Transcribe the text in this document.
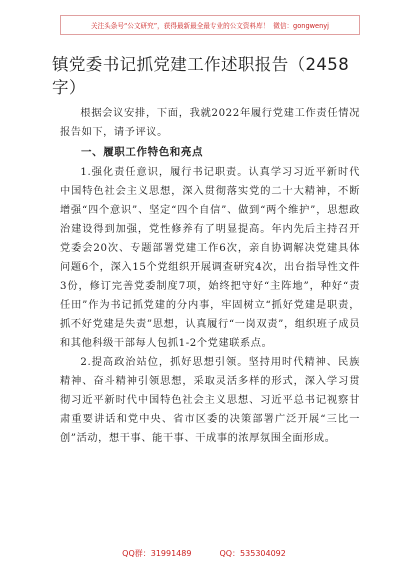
关注头条号“公文研究”，获得最新最全最专业的公文资料库！ 微信：gongwenyj
镇党委书记抓党建工作述职报告（2458字）

根据会议安排，下面，我就2022年履行党建工作责任情况报告如下，请予评议。

一、履职工作特色和亮点

1.强化责任意识，履行书记职责。认真学习习近平新时代中国特色社会主义思想，深入贯彻落实党的二十大精神，不断增强“四个意识”、坚定“四个自信”、做到“两个维护”，思想政治建设得到加强，党性修养有了明显提高。年内先后主持召开党委会20次、专题部署党建工作6次，亲自协调解决党建具体问题6个，深入15个党组织开展调查研究4次，出台指导性文件3份，修订完善党委制度7项，始终把守好“主阵地”，种好“责任田”作为书记抓党建的分内事，牢固树立“抓好党建是职责，抓不好党建是失责”思想，认真履行“一岗双责”，组织班子成员和其他科级干部每人包抓1-2个党建联系点。

2.提高政治站位，抓好思想引领。坚持用时代精神、民族精神、奋斗精神引领思想，采取灵活多样的形式，深入学习贯彻习近平新时代中国特色社会主义思想、习近平总书记视察甘肃重要讲话和党中央、省市区委的决策部署广泛开展“三比一创”活动，想干事、能干事、干成事的浓厚氛围全面形成。

QQ群：31991489	QQ：535304092
